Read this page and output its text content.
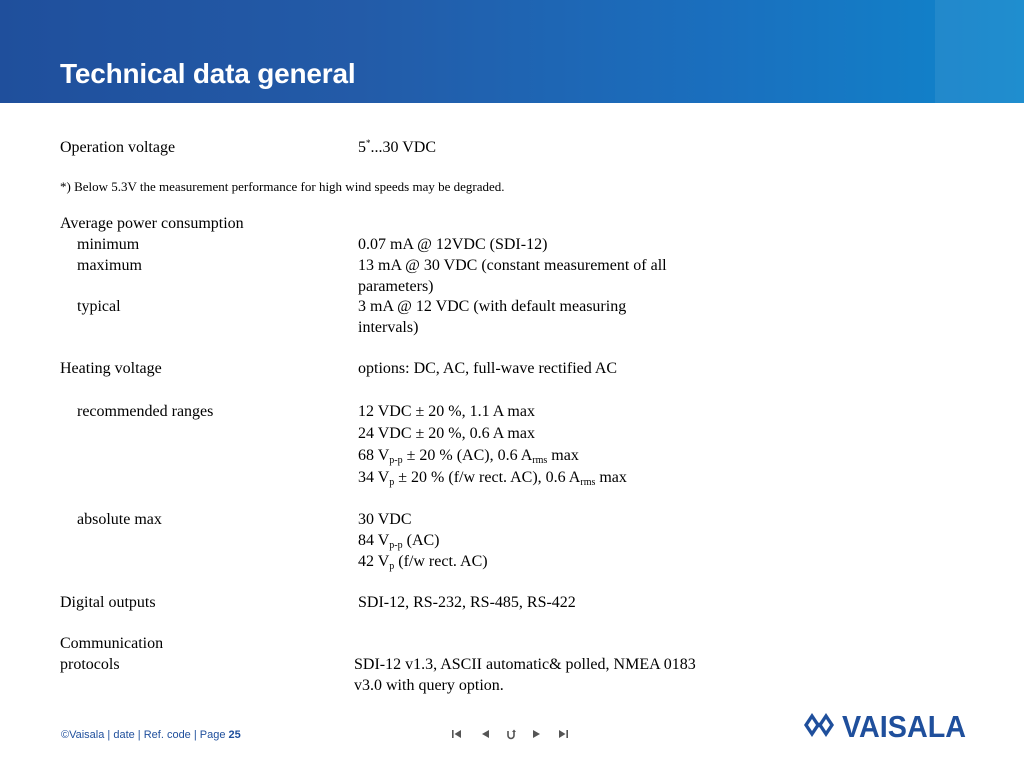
Technical data general
Operation voltage	5*...30 VDC
*) Below 5.3V the measurement performance for high wind speeds may be degraded.
Average power consumption
minimum	0.07 mA @ 12VDC (SDI-12)
maximum	13 mA @ 30 VDC (constant measurement of all parameters)
typical	3 mA @ 12 VDC (with default measuring intervals)
Heating voltage	options: DC, AC, full-wave rectified AC
recommended ranges	12 VDC ± 20 %, 1.1 A max
24 VDC ± 20 %, 0.6 A max
68 $V_{p-p} \pm 20$ % (AC), 0.6 $A_{rms}$ max
34 $V_p \pm 20$ % (f/w rect. AC), 0.6 $A_{rms}$ max
absolute max	30 VDC
84 $V_{p-p}$ (AC)
42 $V_p$ (f/w rect. AC)
Digital outputs	SDI-12, RS-232, RS-485, RS-422
Communication
protocols	SDI-12 v1.3, ASCII automatic& polled, NMEA 0183 v3.0 with query option.
©Vaisala | date | Ref. code | Page 25	VAISALA
